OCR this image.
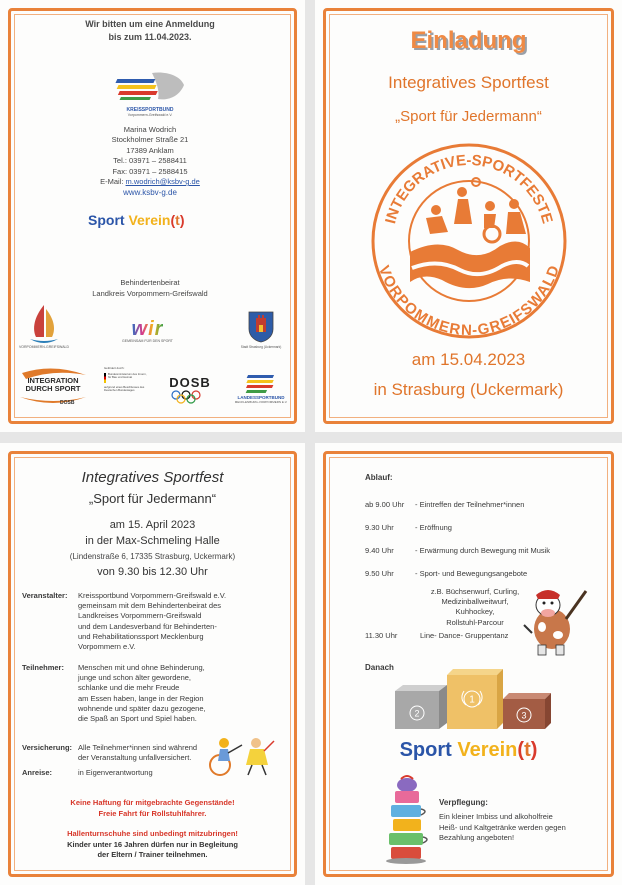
Wir bitten um eine Anmeldung
bis zum 11.04.2023.
KREISSPORTBUND
Vorpommern-Greifswald e.V.
Marina Wodrich
Stockholmer Straße 21
17389 Anklam
Tel.: 03971 – 2588411
Fax: 03971 – 2588415
E-Mail: m.wodrich@ksbv-g.de
www.ksbv-g.de
Sport Verein(t)
Behindertenbeirat
Landkreis Vorpommern-Greifswald
VORPOMMERN-GREIFSWALD
wir
GEMEINSAM FÜR DEN SPORT
Stadt Strasburg (Uckermark)
INTEGRATION
DURCH SPORT
DOSB
Gefördert durch:
Bundesministerium des Innern, für Bau und Heimat
aufgrund eines Beschlusses des Deutschen Bundestages
DOSB
LANDESSPORTBUND
MECKLENBURG-VORPOMMERN E.V.
Einladung
Integratives Sportfest
„Sport für Jedermann“
INTEGRATIVE-SPORTFESTE
VORPOMMERN-GREIFSWALD
am 15.04.2023
in Strasburg (Uckermark)
Integratives Sportfest
„Sport für Jedermann“
am 15. April 2023
in der Max-Schmeling Halle
(Lindenstraße 6, 17335 Strasburg, Uckermark)
von 9.30 bis 12.30 Uhr
Veranstalter: Kreissportbund Vorpommern-Greifswald e.V.
gemeinsam mit dem Behindertenbeirat des
Landkreises Vorpommern-Greifswald
und dem Landesverband für Behinderten-
und Rehabilitationssport Mecklenburg
Vorpommern e.V.
Teilnehmer: Menschen mit und ohne Behinderung,
junge und schon älter gewordene,
schlanke und die mehr Freude
am Essen haben, lange in der Region
wohnende und später dazu gezogene,
die Spaß an Sport und Spiel haben.
Versicherung: Alle Teilnehmer*innen sind während
der Veranstaltung unfallversichert.
Anreise:	in Eigenverantwortung
Keine Haftung für mitgebrachte Gegenstände!
Freie Fahrt für Rollstuhlfahrer.
Hallenturnschuhe sind unbedingt mitzubringen!
Kinder unter 16 Jahren dürfen nur in Begleitung
der Eltern / Trainer teilnehmen.
Ablauf:
ab 9.00 Uhr - Eintreffen der Teilnehmer*innen
9.30 Uhr	- Eröffnung
9.40 Uhr	- Erwärmung durch Bewegung mit Musik
9.50 Uhr	- Sport- und Bewegungsangebote
z.B. Büchsenwurf, Curling,
Medizinballweitwurf,
Kuhhockey,
Rollstuhl-Parcour
11.30 Uhr	Line- Dance- Gruppentanz
Danach
2
1
3
Sport Verein(t)
Verpflegung:
Ein kleiner Imbiss und alkoholfreie
Heiß- und Kaltgetränke werden gegen
Bezahlung angeboten!
